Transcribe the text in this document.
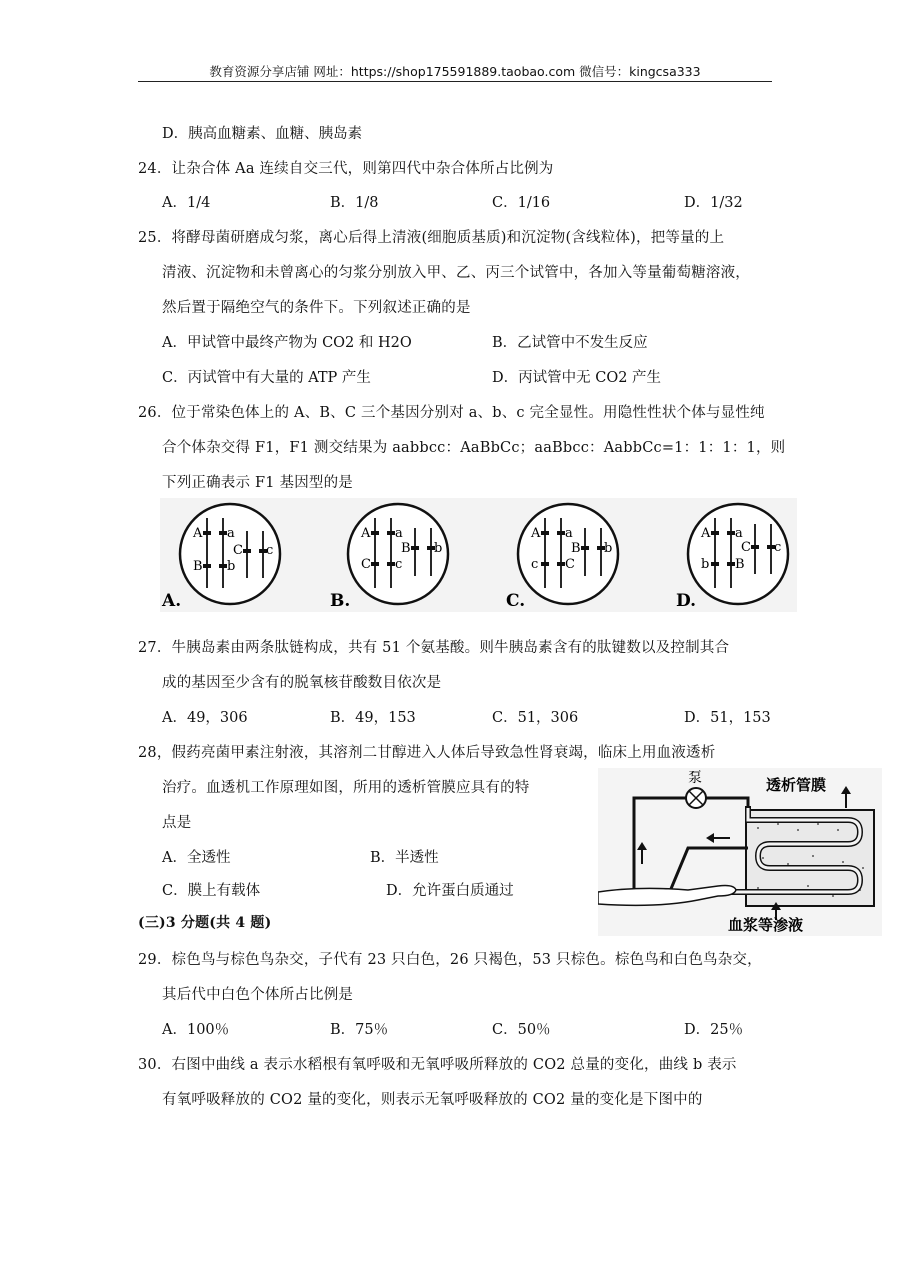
教育资源分享店铺 网址：https://shop175591889.taobao.com 微信号：kingcsa333
D．胰高血糖素、血糖、胰岛素
24．让杂合体 Aa 连续自交三代，则第四代中杂合体所占比例为
A．1/4	B．1/8	C．1/16	D．1/32
25．将酵母菌研磨成匀浆，离心后得上清液(细胞质基质)和沉淀物(含线粒体)，把等量的上
清液、沉淀物和未曾离心的匀浆分别放入甲、乙、丙三个试管中，各加入等量葡萄糖溶液，
然后置于隔绝空气的条件下。下列叙述正确的是
A．甲试管中最终产物为 CO2 和 H2O	B．乙试管中不发生反应
C．丙试管中有大量的 ATP 产生	D．丙试管中无 CO2 产生
26．位于常染色体上的 A、B、C 三个基因分别对 a、b、c 完全显性。用隐性性状个体与显性纯
合个体杂交得 F1，F1 测交结果为 aabbcc：AaBbCc；aaBbcc：AabbCc=1：1：1：1，则
下列正确表示 F1 基因型的是
A a
B b
C c
A.
A a
C c
B b
B.
A a
c C
B b
C.
A a
b B
C c
D.
27．牛胰岛素由两条肽链构成，共有 51 个氨基酸。则牛胰岛素含有的肽键数以及控制其合
成的基因至少含有的脱氧核苷酸数目依次是
A．49，306	B．49，153	C．51，306	D．51，153
28，假药亮菌甲素注射液，其溶剂二甘醇进入人体后导致急性肾衰竭，临床上用血液透析
治疗。血透机工作原理如图，所用的透析管膜应具有的特
点是
A．全透性	B．半透性
C．膜上有载体	D．允许蛋白质通过
泵	透析管膜
血浆等渗液
(三)3 分题(共 4 题)
29．棕色鸟与棕色鸟杂交，子代有 23 只白色，26 只褐色，53 只棕色。棕色鸟和白色鸟杂交，
其后代中白色个体所占比例是
A．100％	B．75％	C．50％	D．25％
30．右图中曲线 a 表示水稻根有氧呼吸和无氧呼吸所释放的 CO2 总量的变化，曲线 b 表示
有氧呼吸释放的 CO2 量的变化，则表示无氧呼吸释放的 CO2 量的变化是下图中的
